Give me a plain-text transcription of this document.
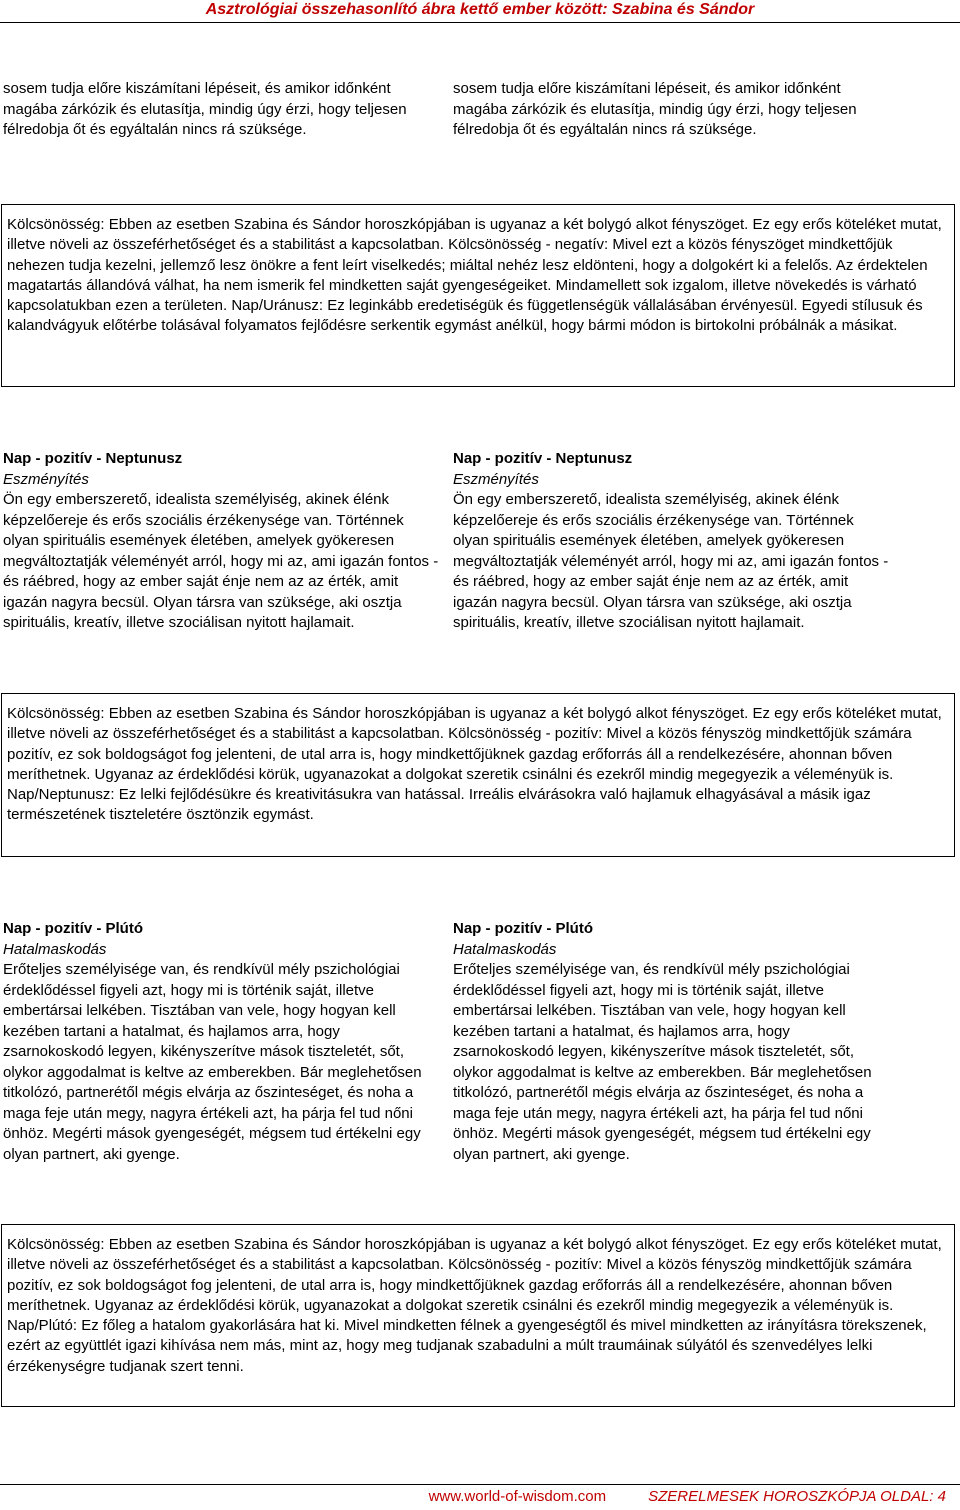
Asztrológiai összehasonlító ábra kettő ember között: Szabina és Sándor
sosem tudja előre kiszámítani lépéseit, és amikor időnként magába zárkózik és elutasítja, mindig úgy érzi, hogy teljesen félredobja őt és egyáltalán nincs rá szüksége.
sosem tudja előre kiszámítani lépéseit, és amikor időnként magába zárkózik és elutasítja, mindig úgy érzi, hogy teljesen félredobja őt és egyáltalán nincs rá szüksége.
Kölcsönösség: Ebben az esetben Szabina és Sándor horoszkópjában is ugyanaz a két bolygó alkot fényszöget. Ez egy erős köteléket mutat, illetve növeli az összeférhetőséget és a stabilitást a kapcsolatban. Kölcsönösség - negatív: Mivel ezt a közös fényszöget mindkettőjük nehezen tudja kezelni, jellemző lesz önökre a fent leírt viselkedés; miáltal nehéz lesz eldönteni, hogy a dolgokért ki a felelős. Az érdektelen magatartás állandóvá válhat, ha nem ismerik fel mindketten saját gyengeségeiket. Mindamellett sok izgalom, illetve növekedés is várható kapcsolatukban ezen a területen. Nap/Uránusz: Ez leginkább eredetiségük és függetlenségük vállalásában érvényesül. Egyedi stílusuk és kalandvágyuk előtérbe tolásával folyamatos fejlődésre serkentik egymást anélkül, hogy bármi módon is birtokolni próbálnák a másikat.
Nap - pozitív - Neptunusz
Eszményítés
Ön egy emberszerető, idealista személyiség, akinek élénk képzelőereje és erős szociális érzékenysége van. Történnek olyan spirituális események életében, amelyek gyökeresen megváltoztatják véleményét arról, hogy mi az, ami igazán fontos - és ráébred, hogy az ember saját énje nem az az érték, amit igazán nagyra becsül. Olyan társra van szüksége, aki osztja spirituális, kreatív, illetve szociálisan nyitott hajlamait.
Nap - pozitív - Neptunusz
Eszményítés
Ön egy emberszerető, idealista személyiség, akinek élénk képzelőereje és erős szociális érzékenysége van. Történnek olyan spirituális események életében, amelyek gyökeresen megváltoztatják véleményét arról, hogy mi az, ami igazán fontos - és ráébred, hogy az ember saját énje nem az az érték, amit igazán nagyra becsül. Olyan társra van szüksége, aki osztja spirituális, kreatív, illetve szociálisan nyitott hajlamait.
Kölcsönösség: Ebben az esetben Szabina és Sándor horoszkópjában is ugyanaz a két bolygó alkot fényszöget. Ez egy erős köteléket mutat, illetve növeli az összeférhetőséget és a stabilitást a kapcsolatban. Kölcsönösség - pozitív: Mivel a közös fényszög mindkettőjük számára pozitív, ez sok boldogságot fog jelenteni, de utal arra is, hogy mindkettőjüknek gazdag erőforrás áll a rendelkezésére, ahonnan bőven meríthetnek. Ugyanaz az érdeklődési körük, ugyanazokat a dolgokat szeretik csinálni és ezekről mindig megegyezik a véleményük is. Nap/Neptunusz: Ez lelki fejlődésükre és kreativitásukra van hatással. Irreális elvárásokra való hajlamuk elhagyásával a másik igaz természetének tiszteletére ösztönzik egymást.
Nap - pozitív - Plútó
Hatalmaskodás
Erőteljes személyisége van, és rendkívül mély pszichológiai érdeklődéssel figyeli azt, hogy mi is történik saját, illetve embertársai lelkében. Tisztában van vele, hogy hogyan kell kezében tartani a hatalmat, és hajlamos arra, hogy zsarnokoskodó legyen, kikényszerítve mások tiszteletét, sőt, olykor aggodalmat is keltve az emberekben. Bár meglehetősen titkolózó, partnerétől mégis elvárja az őszinteséget, és noha a maga feje után megy, nagyra értékeli azt, ha párja fel tud nőni önhöz. Megérti mások gyengeségét, mégsem tud értékelni egy olyan partnert, aki gyenge.
Nap - pozitív - Plútó
Hatalmaskodás
Erőteljes személyisége van, és rendkívül mély pszichológiai érdeklődéssel figyeli azt, hogy mi is történik saját, illetve embertársai lelkében. Tisztában van vele, hogy hogyan kell kezében tartani a hatalmat, és hajlamos arra, hogy zsarnokoskodó legyen, kikényszerítve mások tiszteletét, sőt, olykor aggodalmat is keltve az emberekben. Bár meglehetősen titkolózó, partnerétől mégis elvárja az őszinteséget, és noha a maga feje után megy, nagyra értékeli azt, ha párja fel tud nőni önhöz. Megérti mások gyengeségét, mégsem tud értékelni egy olyan partnert, aki gyenge.
Kölcsönösség: Ebben az esetben Szabina és Sándor horoszkópjában is ugyanaz a két bolygó alkot fényszöget. Ez egy erős köteléket mutat, illetve növeli az összeférhetőséget és a stabilitást a kapcsolatban. Kölcsönösség - pozitív: Mivel a közös fényszög mindkettőjük számára pozitív, ez sok boldogságot fog jelenteni, de utal arra is, hogy mindkettőjüknek gazdag erőforrás áll a rendelkezésére, ahonnan bőven meríthetnek. Ugyanaz az érdeklődési körük, ugyanazokat a dolgokat szeretik csinálni és ezekről mindig megegyezik a véleményük is. Nap/Plútó: Ez főleg a hatalom gyakorlására hat ki. Mivel mindketten félnek a gyengeségtől és mivel mindketten az irányításra törekszenek, ezért az együttlét igazi kihívása nem más, mint az, hogy meg tudjanak szabadulni a múlt traumáinak súlyától és szenvedélyes lelki érzékenységre tudjanak szert tenni.
www.world-of-wisdom.com	SZERELMESEK HOROSZKÓPJA OLDAL: 4
